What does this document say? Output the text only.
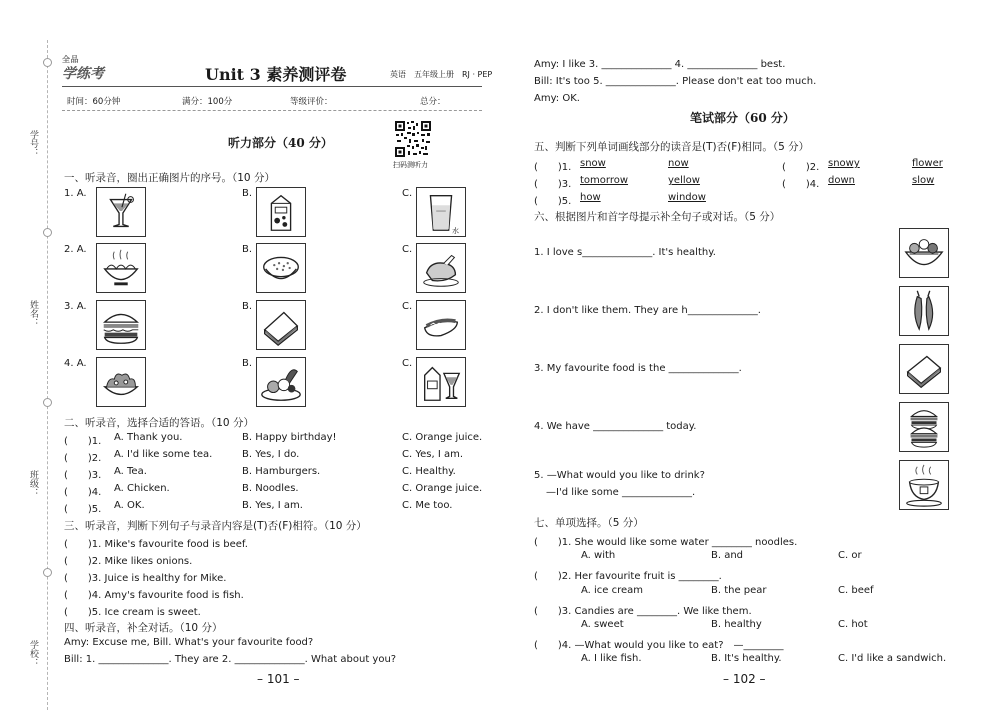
学号：
姓名：
班级：
学校：
全品
学练考	Unit 3 素养测评卷	英语　五年级上册　RJ · PEP
时间：60分钟	满分：100分	等级评价：	总分：
扫码测听力
听力部分（40 分）
一、听录音，圈出正确图片的序号。（10 分）
1. A.	B.	C.
水
2. A.	B.	C.
3. A.	B.	C.
4. A.	B.	C.
二、听录音，选择合适的答语。（10 分）
(　　)1. A. Thank you.	B. Happy birthday!	C. Orange juice.
(　　)2. A. I'd like some tea.	B. Yes, I do.	C. Yes, I am.
(　　)3. A. Tea.	B. Hamburgers.	C. Healthy.
(　　)4. A. Chicken.	B. Noodles.	C. Orange juice.
(　　)5. A. OK.	B. Yes, I am.	C. Me too.
三、听录音，判断下列句子与录音内容是(T)否(F)相符。（10 分）
(　　)1. Mike's favourite food is beef.
(　　)2. Mike likes onions.
(　　)3. Juice is healthy for Mike.
(　　)4. Amy's favourite food is fish.
(　　)5. Ice cream is sweet.
四、听录音，补全对话。（10 分）
Amy: Excuse me, Bill. What's your favourite food?
Bill: 1. ______________. They are 2. ______________. What about you?
– 101 –
Amy: I like 3. ______________ 4. ______________ best.
Bill: It's too 5. ______________. Please don't eat too much.
Amy: OK.
笔试部分（60 分）
五、判断下列单词画线部分的读音是(T)否(F)相同。（5 分）
(　　)1. snow	now	(　　)2. snowy	flower
(　　)3. tomorrow	yellow	(　　)4. down	slow
(　　)5. how	window
六、根据图片和首字母提示补全句子或对话。（5 分）
1. I love s______________. It's healthy.
2. I don't like them. They are h______________.
3. My favourite food is the ______________.
4. We have ______________ today.
5. —What would you like to drink?
—I'd like some ______________.
七、单项选择。（5 分）
(　　)1. She would like some water ________ noodles.
A. with	B. and	C. or
(　　)2. Her favourite fruit is ________.
A. ice cream	B. the pear	C. beef
(　　)3. Candies are ________. We like them.
A. sweet	B. healthy	C. hot
(　　)4. —What would you like to eat?　—________
A. I like fish.	B. It's healthy.	C. I'd like a sandwich.
– 102 –
